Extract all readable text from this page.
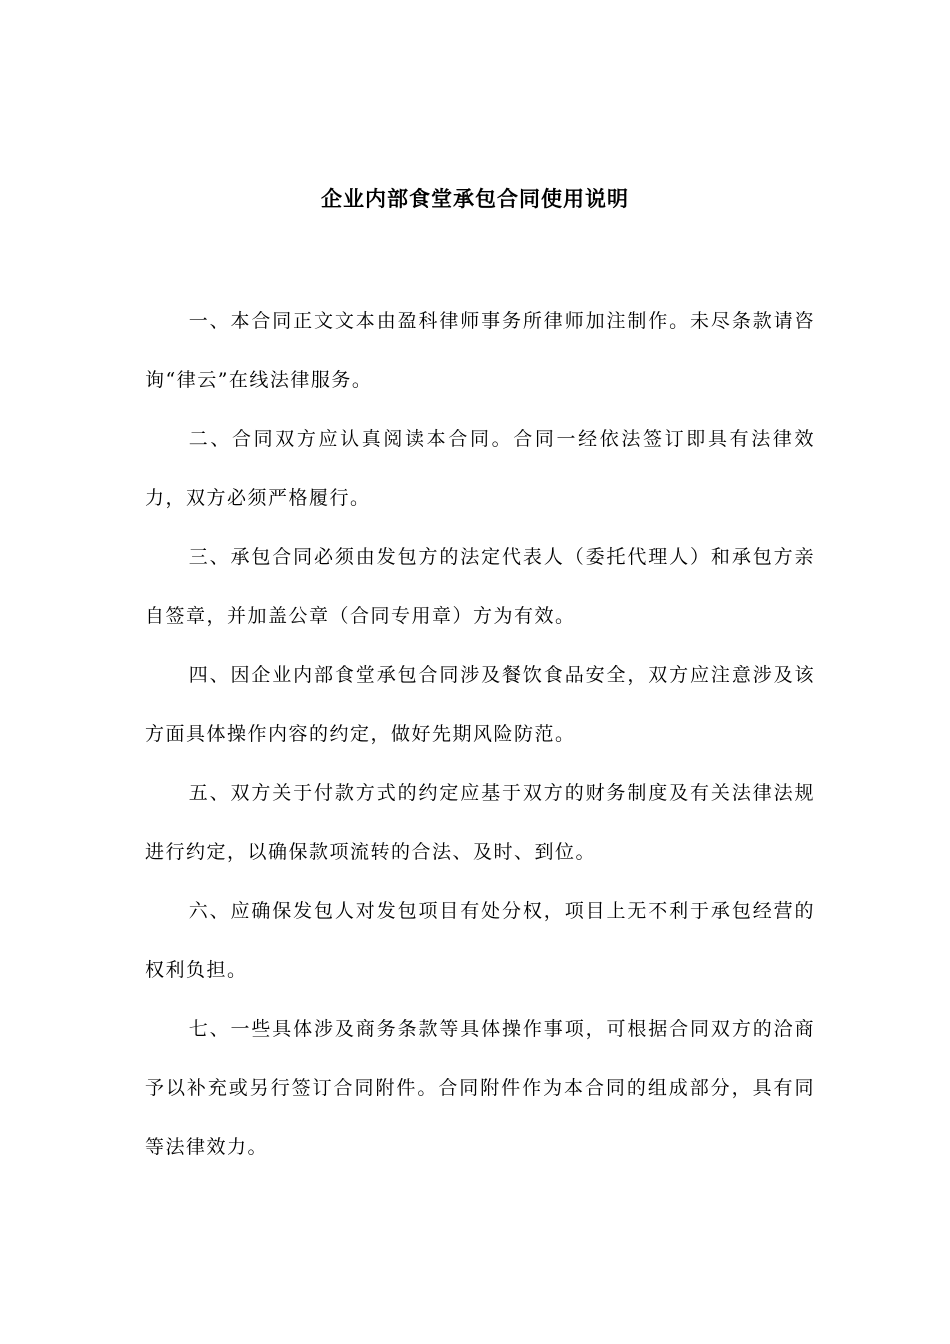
企业内部食堂承包合同使用说明

一、本合同正文文本由盈科律师事务所律师加注制作。未尽条款请咨询“律云”在线法律服务。

二、合同双方应认真阅读本合同。合同一经依法签订即具有法律效力，双方必须严格履行。

三、承包合同必须由发包方的法定代表人（委托代理人）和承包方亲自签章，并加盖公章（合同专用章）方为有效。

四、因企业内部食堂承包合同涉及餐饮食品安全，双方应注意涉及该方面具体操作内容的约定，做好先期风险防范。

五、双方关于付款方式的约定应基于双方的财务制度及有关法律法规进行约定，以确保款项流转的合法、及时、到位。

六、应确保发包人对发包项目有处分权，项目上无不利于承包经营的权利负担。

七、一些具体涉及商务条款等具体操作事项，可根据合同双方的洽商予以补充或另行签订合同附件。合同附件作为本合同的组成部分，具有同等法律效力。
